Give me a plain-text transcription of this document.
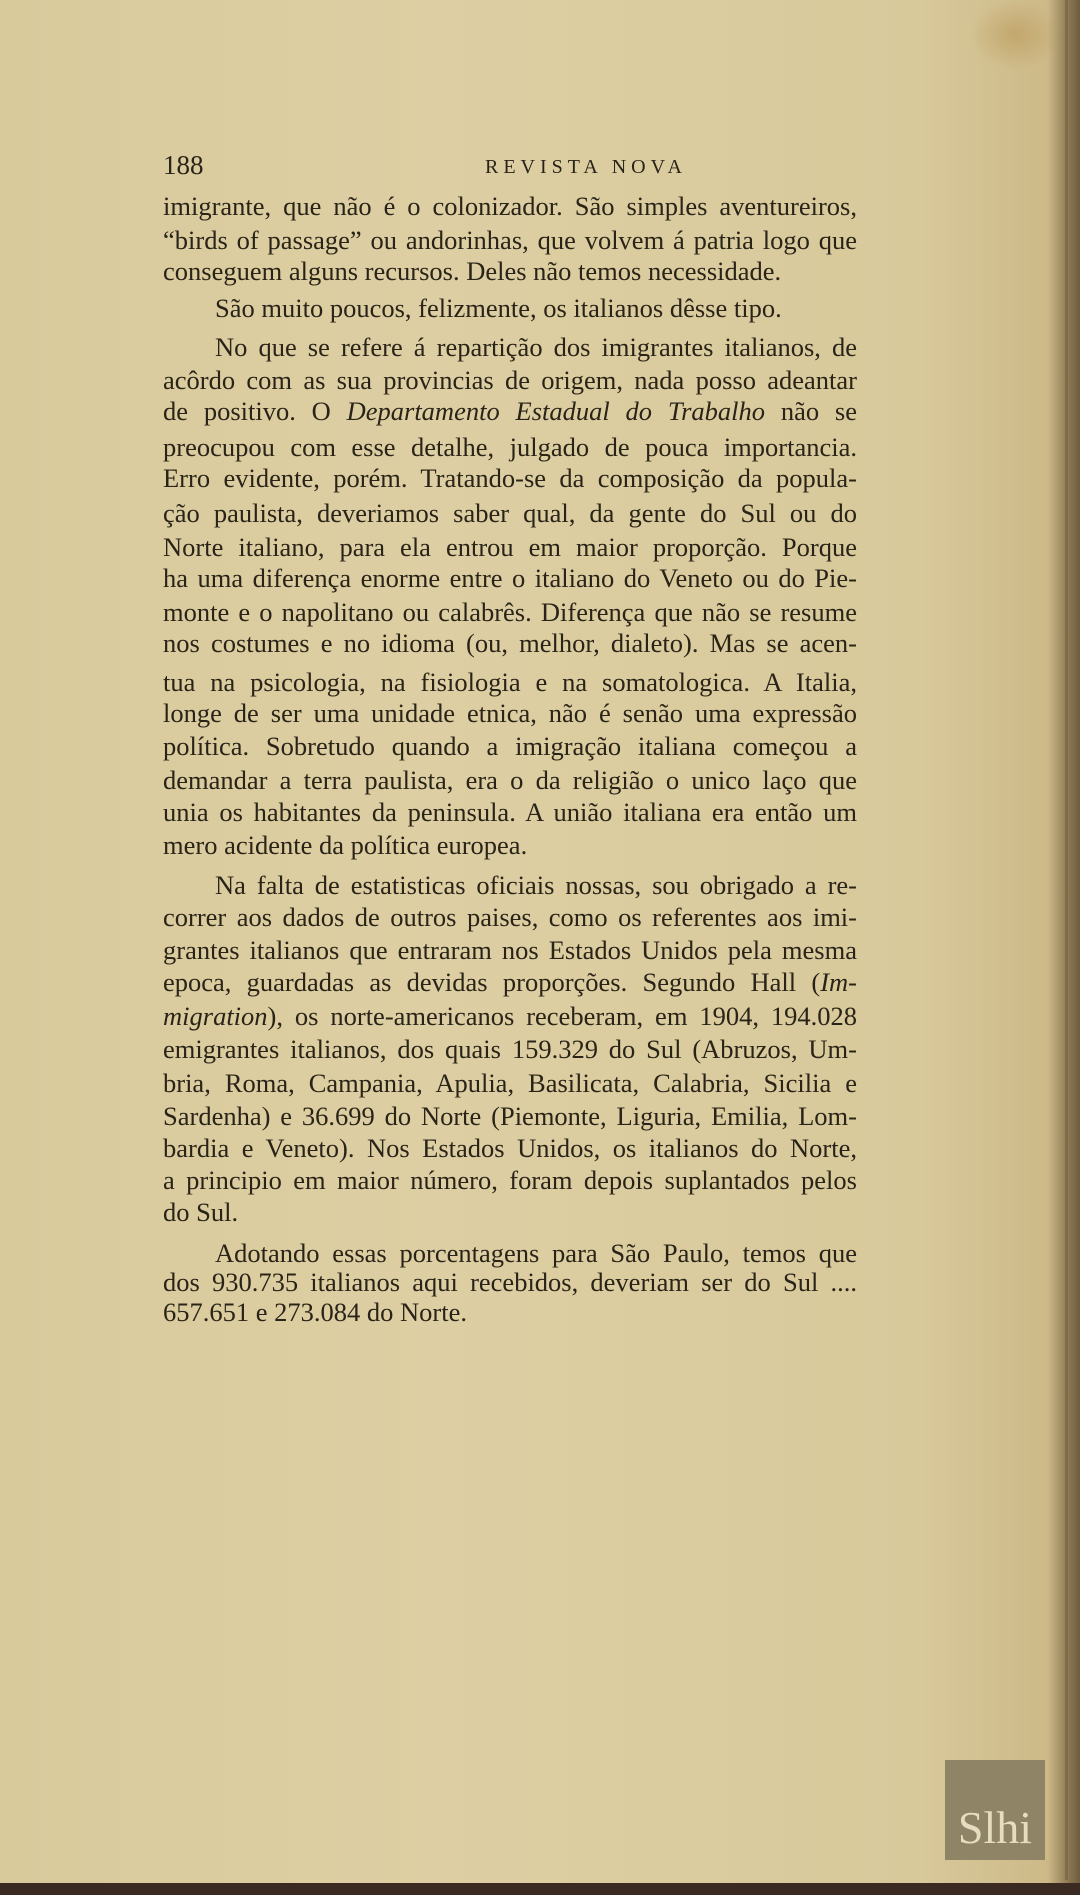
188	REVISTA NOVA
imigrante, que não é o colonizador. São simples aventureiros,
“birds of passage” ou andorinhas, que volvem á patria logo que
conseguem alguns recursos. Deles não temos necessidade.
São muito poucos, felizmente, os italianos dêsse tipo.
No que se refere á repartição dos imigrantes italianos, de
acôrdo com as sua provincias de origem, nada posso adeantar
de positivo. O Departamento Estadual do Trabalho não se
preocupou com esse detalhe, julgado de pouca importancia.
Erro evidente, porém. Tratando-se da composição da popula-
ção paulista, deveriamos saber qual, da gente do Sul ou do
Norte italiano, para ela entrou em maior proporção. Porque
ha uma diferença enorme entre o italiano do Veneto ou do Pie-
monte e o napolitano ou calabrês. Diferença que não se resume
nos costumes e no idioma (ou, melhor, dialeto). Mas se acen-
tua na psicologia, na fisiologia e na somatologica. A Italia,
longe de ser uma unidade etnica, não é senão uma expressão
política. Sobretudo quando a imigração italiana começou a
demandar a terra paulista, era o da religião o unico laço que
unia os habitantes da peninsula. A união italiana era então um
mero acidente da política europea.
Na falta de estatisticas oficiais nossas, sou obrigado a re-
correr aos dados de outros paises, como os referentes aos imi-
grantes italianos que entraram nos Estados Unidos pela mesma
epoca, guardadas as devidas proporções. Segundo Hall (Im-
migration), os norte-americanos receberam, em 1904, 194.028
emigrantes italianos, dos quais 159.329 do Sul (Abruzos, Um-
bria, Roma, Campania, Apulia, Basilicata, Calabria, Sicilia e
Sardenha) e 36.699 do Norte (Piemonte, Liguria, Emilia, Lom-
bardia e Veneto). Nos Estados Unidos, os italianos do Norte,
a principio em maior número, foram depois suplantados pelos
do Sul.
Adotando essas porcentagens para São Paulo, temos que
dos 930.735 italianos aqui recebidos, deveriam ser do Sul ....
657.651 e 273.084 do Norte.
Slhi
